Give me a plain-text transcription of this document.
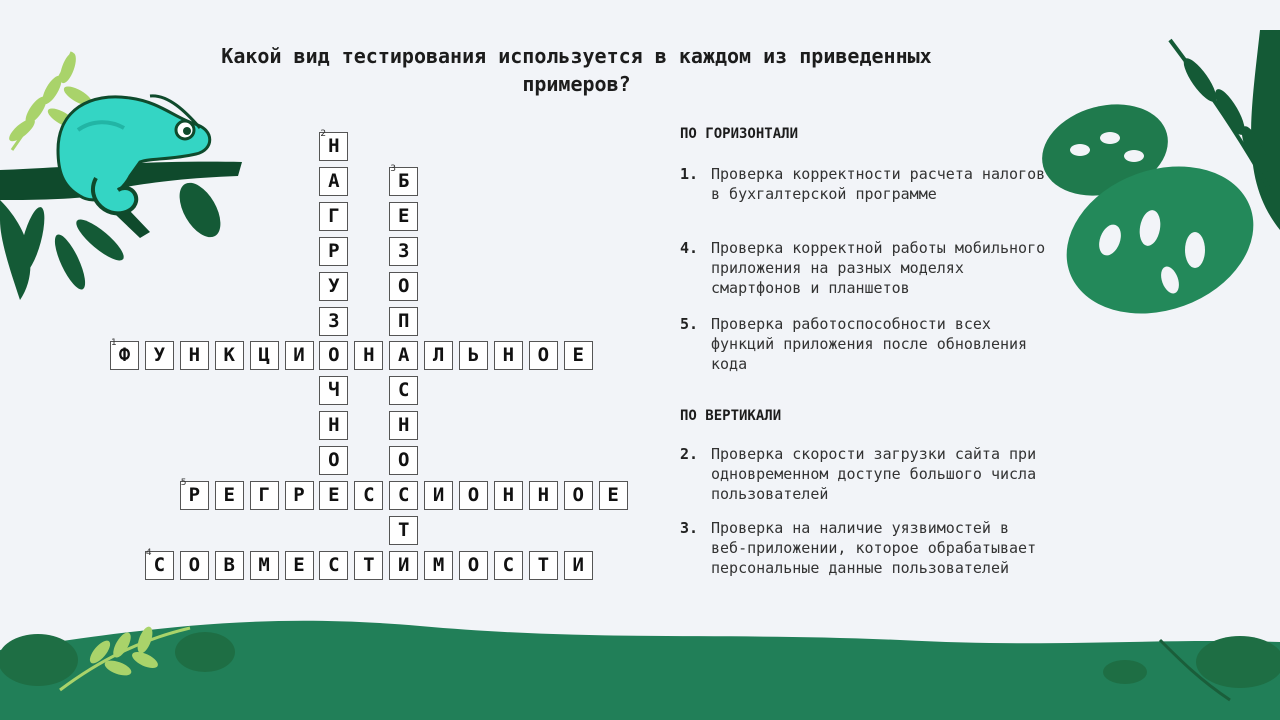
Какой вид тестирования используется в каждом из приведенных примеров?
Ф	У	Н	К	Ц	И	О	Н	А	Л	Ь	Н	О	Е
1
Н
А
Г
Р
У
З
Ч
Н
О
Е
2
Б
Е
З
О
П
С
Н
О
С
Т
3
С	О	В	М	Е	С	Т	И	М	О	С	Т	И
4
Р	Е	Г	Р	С	И	О	Н	Н	О	Е
5
ПО ГОРИЗОНТАЛИ
1. Проверка корректности расчета налогов в бухгалтерской программе
4. Проверка корректной работы мобильного приложения на разных моделях смартфонов и планшетов
5. Проверка работоспособности всех функций приложения после обновления кода
ПО ВЕРТИКАЛИ
2. Проверка скорости загрузки сайта при одновременном доступе большого числа пользователей
3. Проверка на наличие уязвимостей в веб-приложении, которое обрабатывает персональные данные пользователей
